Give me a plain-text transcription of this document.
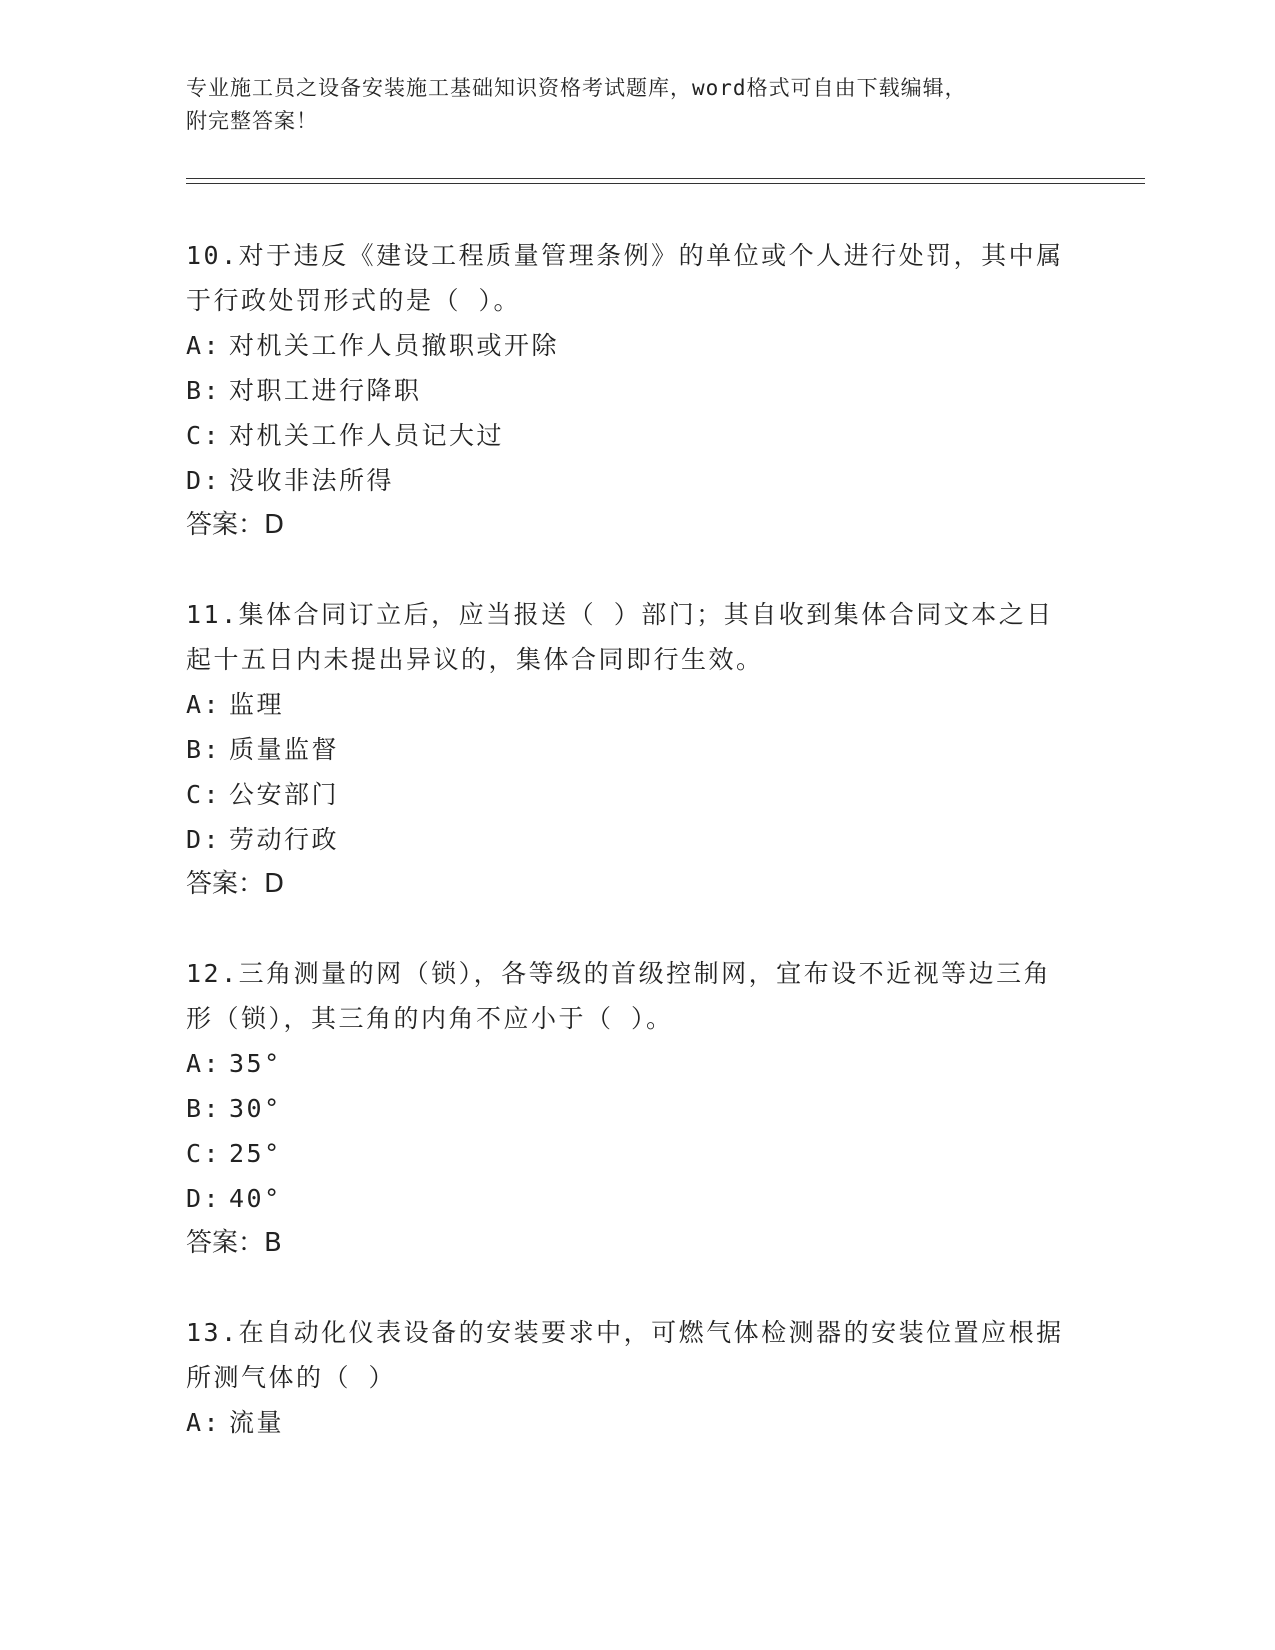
专业施工员之设备安装施工基础知识资格考试题库，word格式可自由下载编辑，

附完整答案！

10.对于违反《建设工程质量管理条例》的单位或个人进行处罚，其中属于行政处罚形式的是（ ）。

A: 对机关工作人员撤职或开除

B: 对职工进行降职

C: 对机关工作人员记大过

D: 没收非法所得

答案：D

11.集体合同订立后，应当报送（ ）部门；其自收到集体合同文本之日起十五日内未提出异议的，集体合同即行生效。

A: 监理

B: 质量监督

C: 公安部门

D: 劳动行政

答案：D

12.三角测量的网（锁），各等级的首级控制网，宜布设不近视等边三角形（锁），其三角的内角不应小于（ ）。

A: 35°

B: 30°

C: 25°

D: 40°

答案：B

13.在自动化仪表设备的安装要求中，可燃气体检测器的安装位置应根据所测气体的（ ）

A: 流量
